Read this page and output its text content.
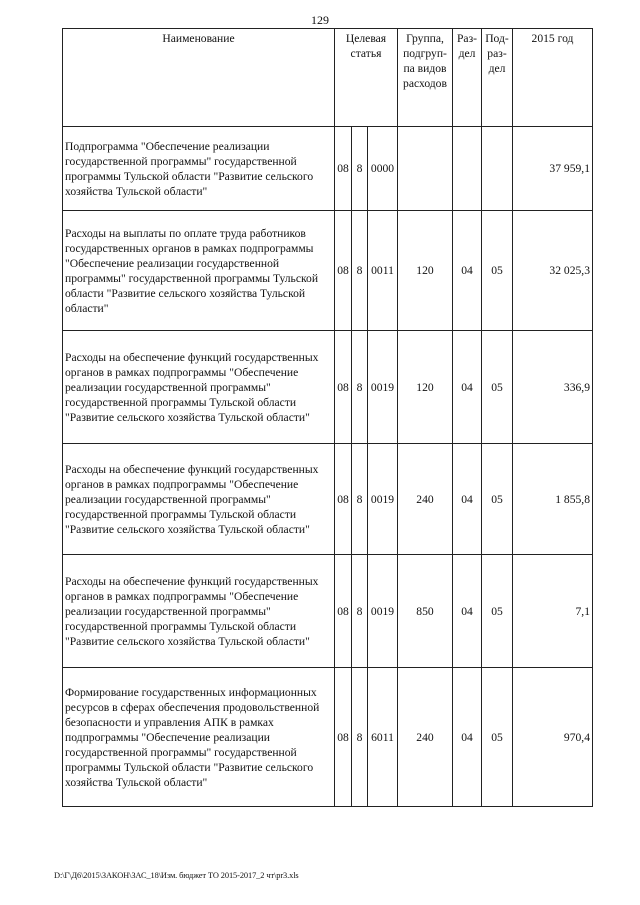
129
Наименование	Целевая статья			Группа, подгруп-па видов расходов	Раз-дел	Под-раз-дел	2015 год
Подпрограмма "Обеспечение реализации государственной программы" государственной программы Тульской области "Развитие сельского хозяйства Тульской области"	08	8	0000				37 959,1
Расходы на выплаты по оплате труда работников государственных органов в рамках подпрограммы "Обеспечение реализации государственной программы" государственной программы Тульской области "Развитие сельского хозяйства Тульской области"	08	8	0011	120	04	05	32 025,3
Расходы на обеспечение функций государственных органов в рамках подпрограммы "Обеспечение реализации государственной программы" государственной программы Тульской области "Развитие сельского хозяйства Тульской области"	08	8	0019	120	04	05	336,9
Расходы на обеспечение функций государственных органов в рамках подпрограммы "Обеспечение реализации государственной программы" государственной программы Тульской области "Развитие сельского хозяйства Тульской области"	08	8	0019	240	04	05	1 855,8
Расходы на обеспечение функций государственных органов в рамках подпрограммы "Обеспечение реализации государственной программы" государственной программы Тульской области "Развитие сельского хозяйства Тульской области"	08	8	0019	850	04	05	7,1
Формирование государственных информационных ресурсов в сферах обеспечения продовольственной безопасности и управления АПК в рамках подпрограммы "Обеспечение реализации государственной программы" государственной программы Тульской области "Развитие сельского хозяйства Тульской области"	08	8	6011	240	04	05	970,4
D:\Г\Д6\2015\ЗАКОН\ЗАС_18\Изм. бюджет ТО 2015-2017_2 чт\pr3.xls
